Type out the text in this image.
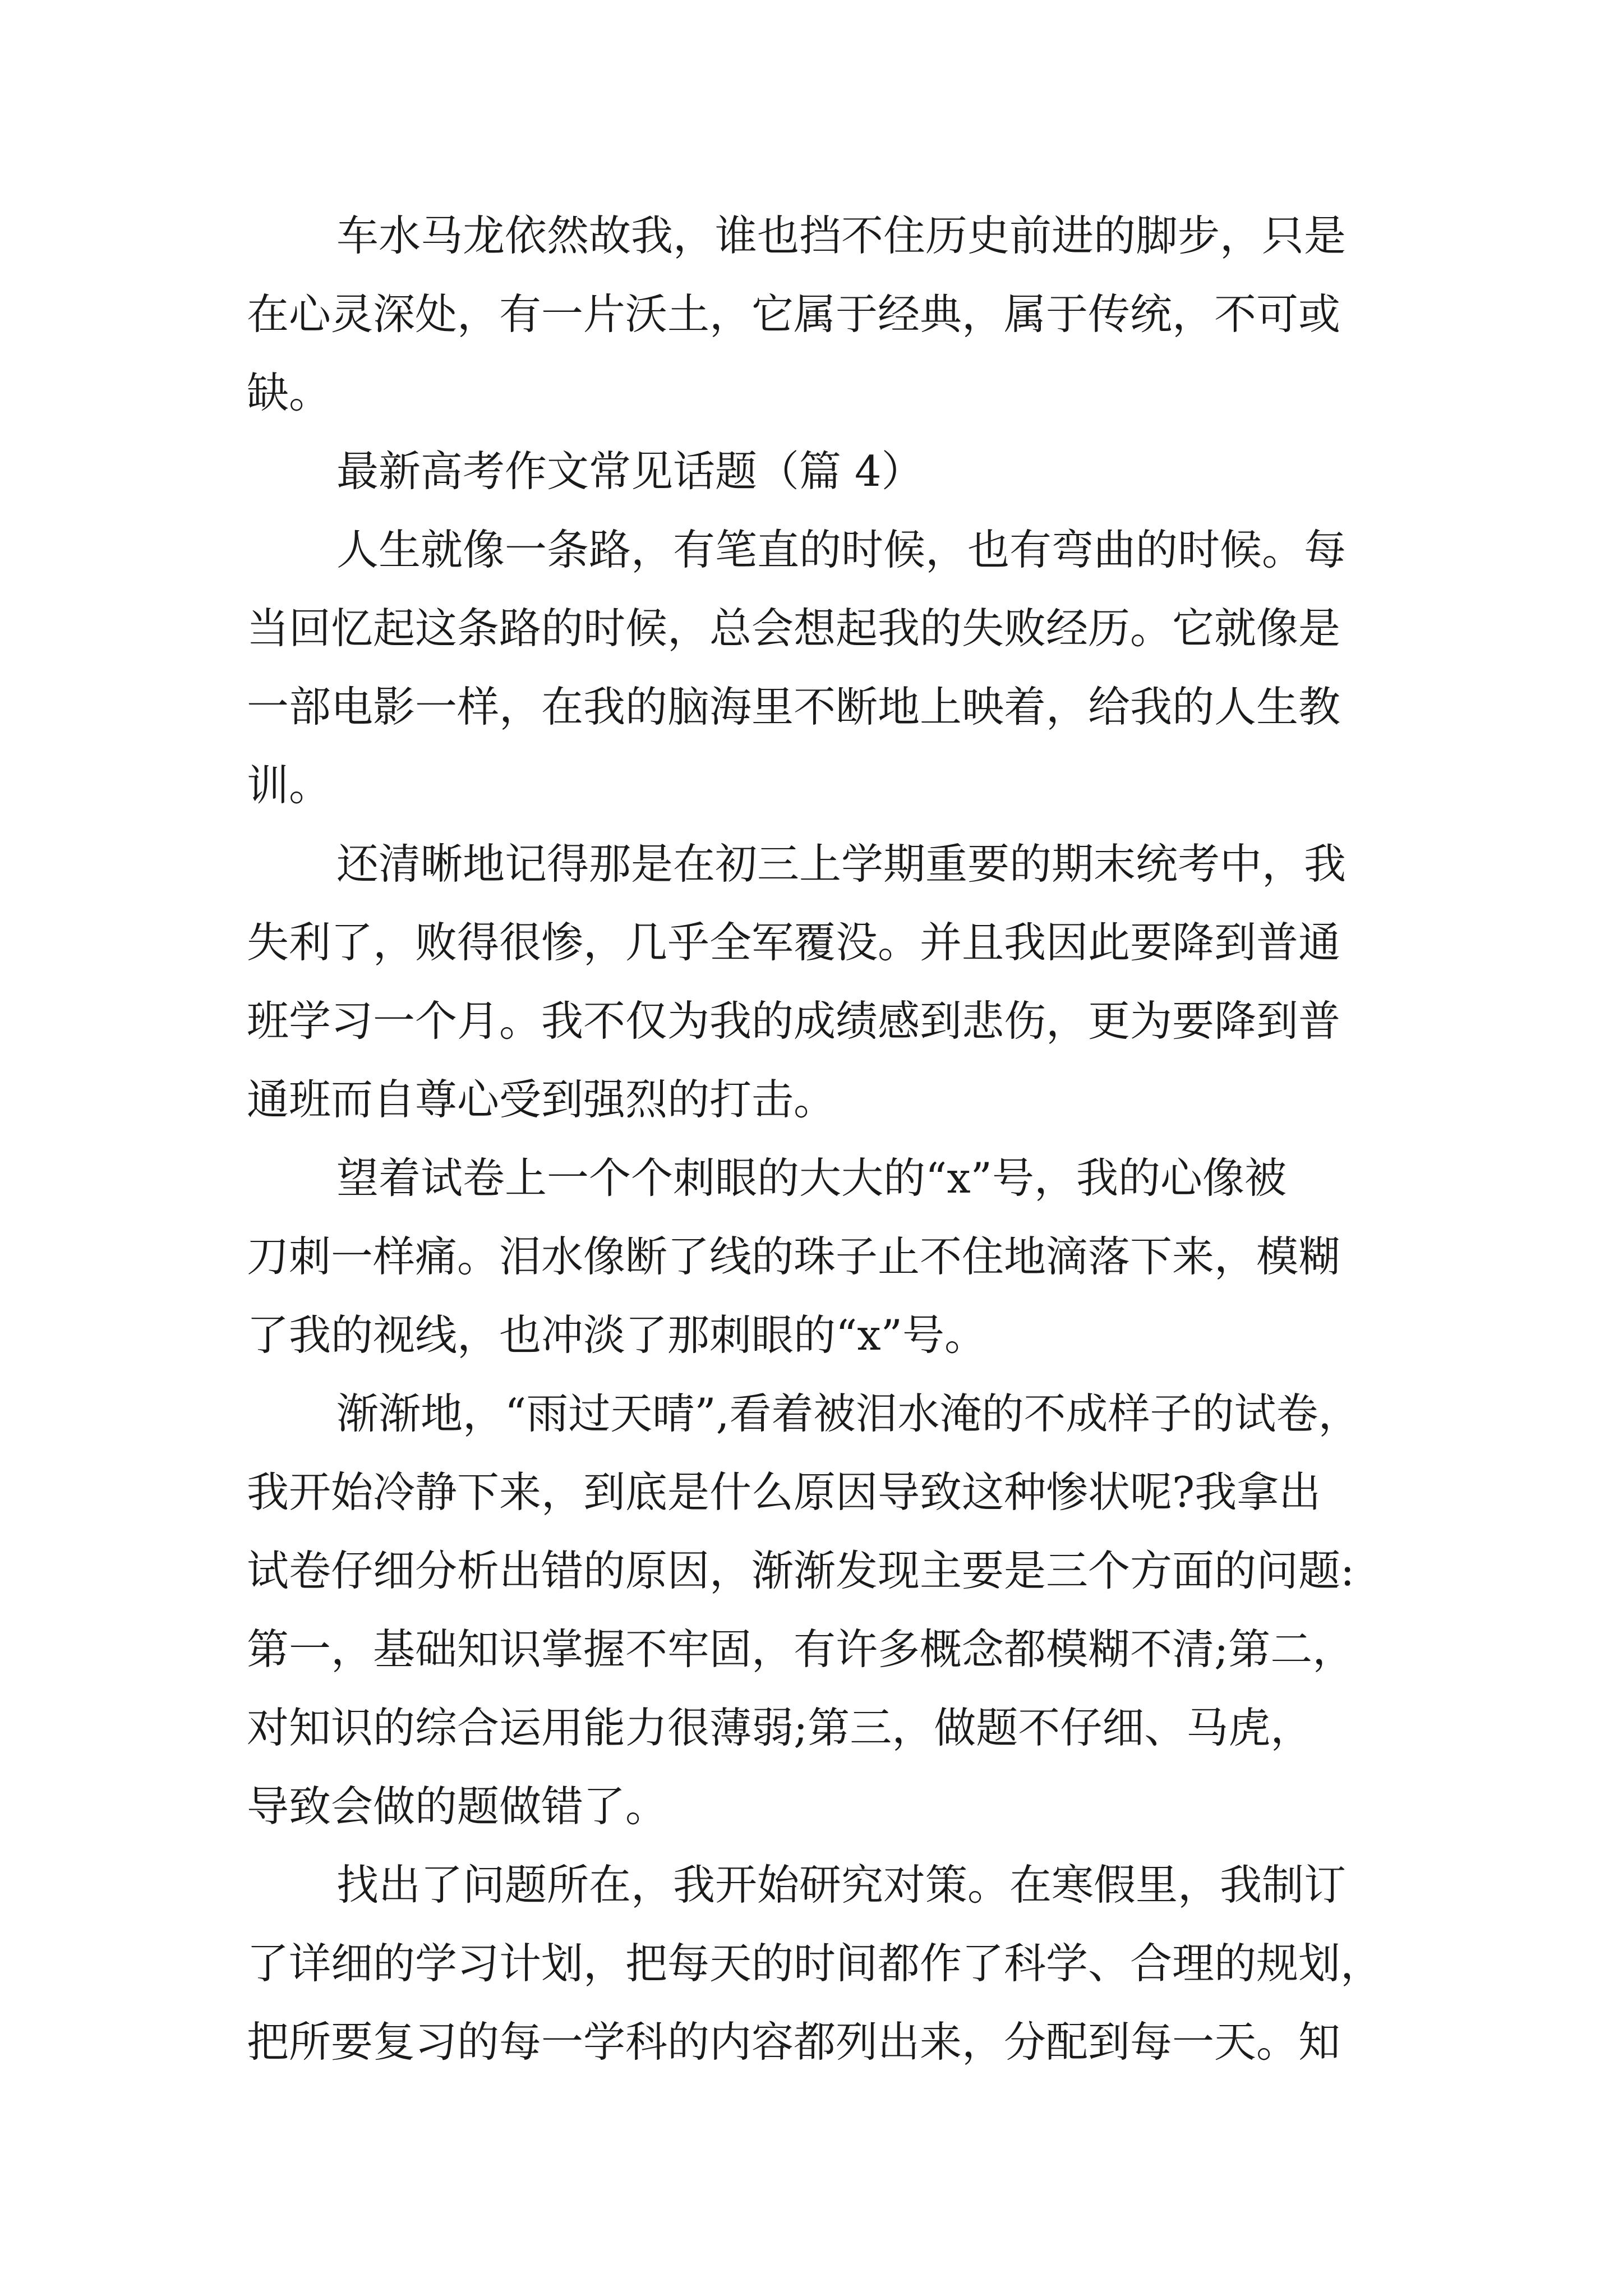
车水马龙依然故我，谁也挡不住历史前进的脚步，只是
在心灵深处，有一片沃土，它属于经典，属于传统，不可或
缺。
最新高考作文常见话题（篇 4）
人生就像一条路，有笔直的时候，也有弯曲的时候。每
当回忆起这条路的时候，总会想起我的失败经历。它就像是
一部电影一样，在我的脑海里不断地上映着，给我的人生教
训。
还清晰地记得那是在初三上学期重要的期末统考中，我
失利了，败得很惨，几乎全军覆没。并且我因此要降到普通
班学习一个月。我不仅为我的成绩感到悲伤，更为要降到普
通班而自尊心受到强烈的打击。
望着试卷上一个个刺眼的大大的“x”号，我的心像被
刀刺一样痛。泪水像断了线的珠子止不住地滴落下来，模糊
了我的视线，也冲淡了那刺眼的“x”号。
渐渐地，“雨过天晴”,看着被泪水淹的不成样子的试卷，
我开始冷静下来，到底是什么原因导致这种惨状呢?我拿出
试卷仔细分析出错的原因，渐渐发现主要是三个方面的问题:
第一，基础知识掌握不牢固，有许多概念都模糊不清;第二，
对知识的综合运用能力很薄弱;第三，做题不仔细、马虎，
导致会做的题做错了。
找出了问题所在，我开始研究对策。在寒假里，我制订
了详细的学习计划，把每天的时间都作了科学、合理的规划，
把所要复习的每一学科的内容都列出来，分配到每一天。知
